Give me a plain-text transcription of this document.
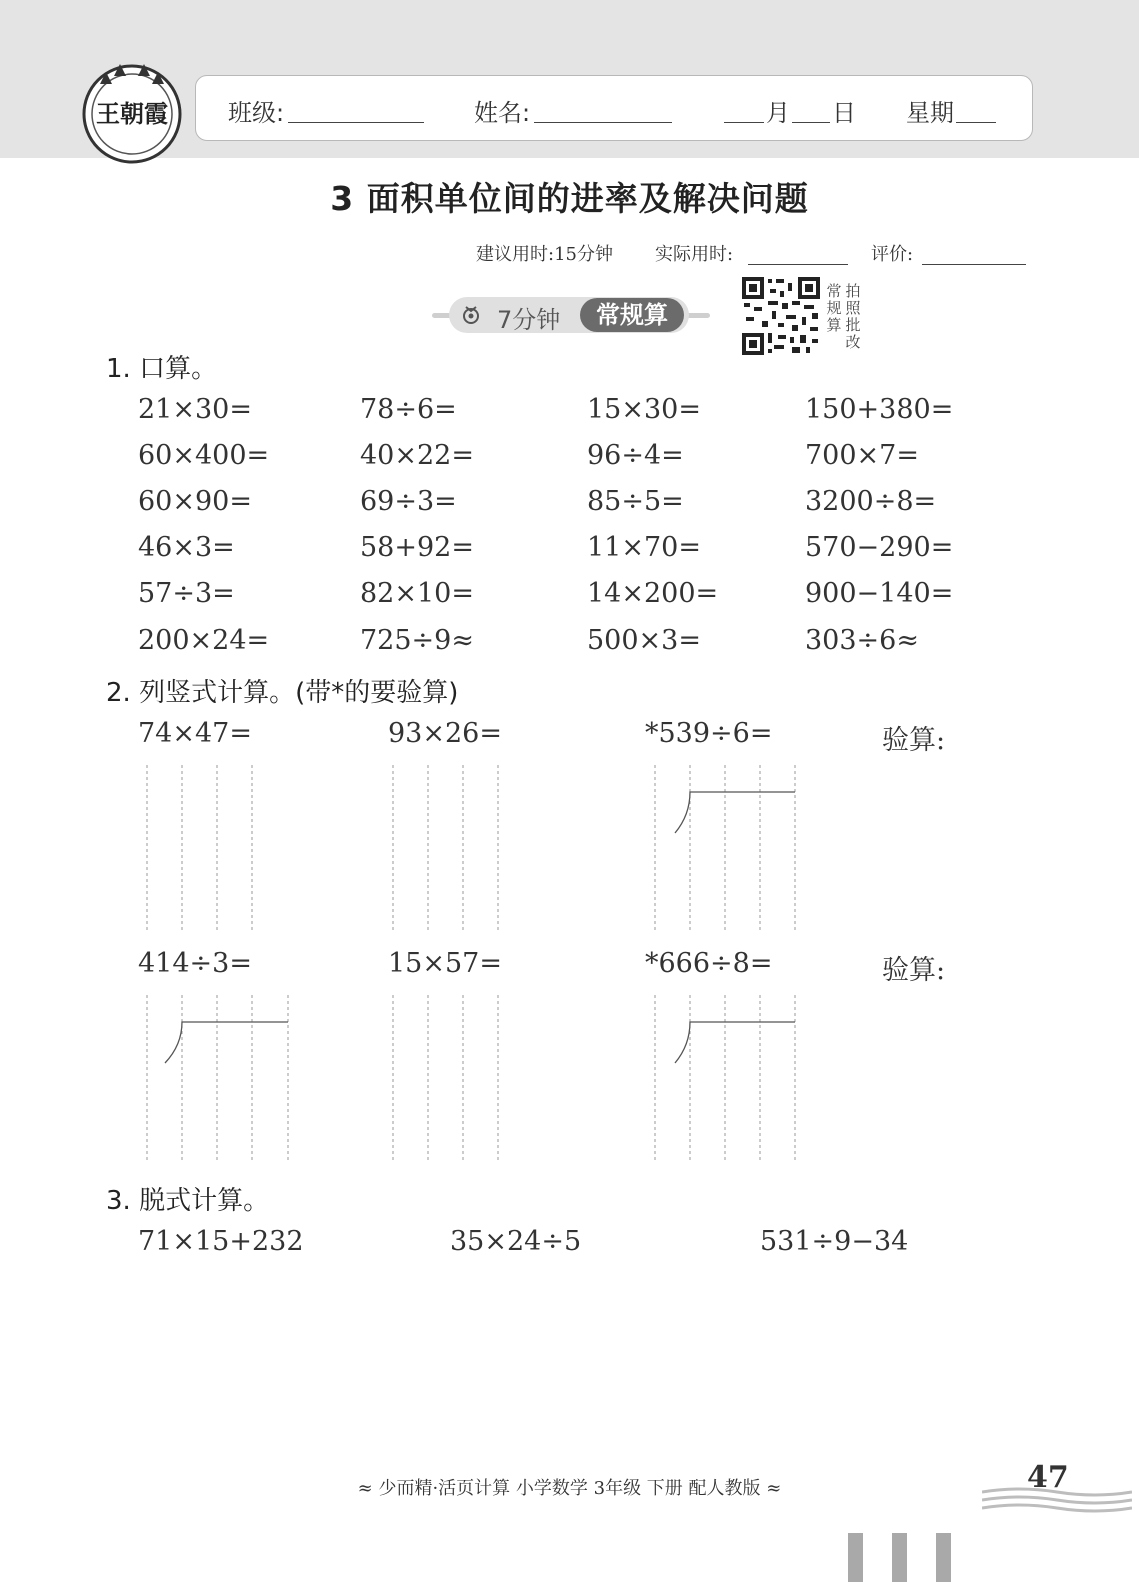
王朝霞	班级:	姓名:	月 日 星期
3 面积单位间的进率及解决问题
建议用时:15分钟 实际用时:	评价:
7分钟	常规算
常规算
拍照批改
1. 口算。
21×30=	78÷6=	15×30=	150+380=
60×400=	40×22=	96÷4=	700×7=
60×90=	69÷3=	85÷5=	3200÷8=
46×3=	58+92=	11×70=	570−290=
57÷3=	82×10=	14×200=	900−140=
200×24=	725÷9≈	500×3=	303÷6≈
2. 列竖式计算。(带*的要验算)
74×47=	93×26=	*539÷6=	验算:
414÷3=	15×57=	*666÷8=	验算:
3. 脱式计算。
71×15+232	35×24÷5	531÷9−34
≈ 少而精·活页计算 小学数学 3年级 下册 配人教版 ≈	47
